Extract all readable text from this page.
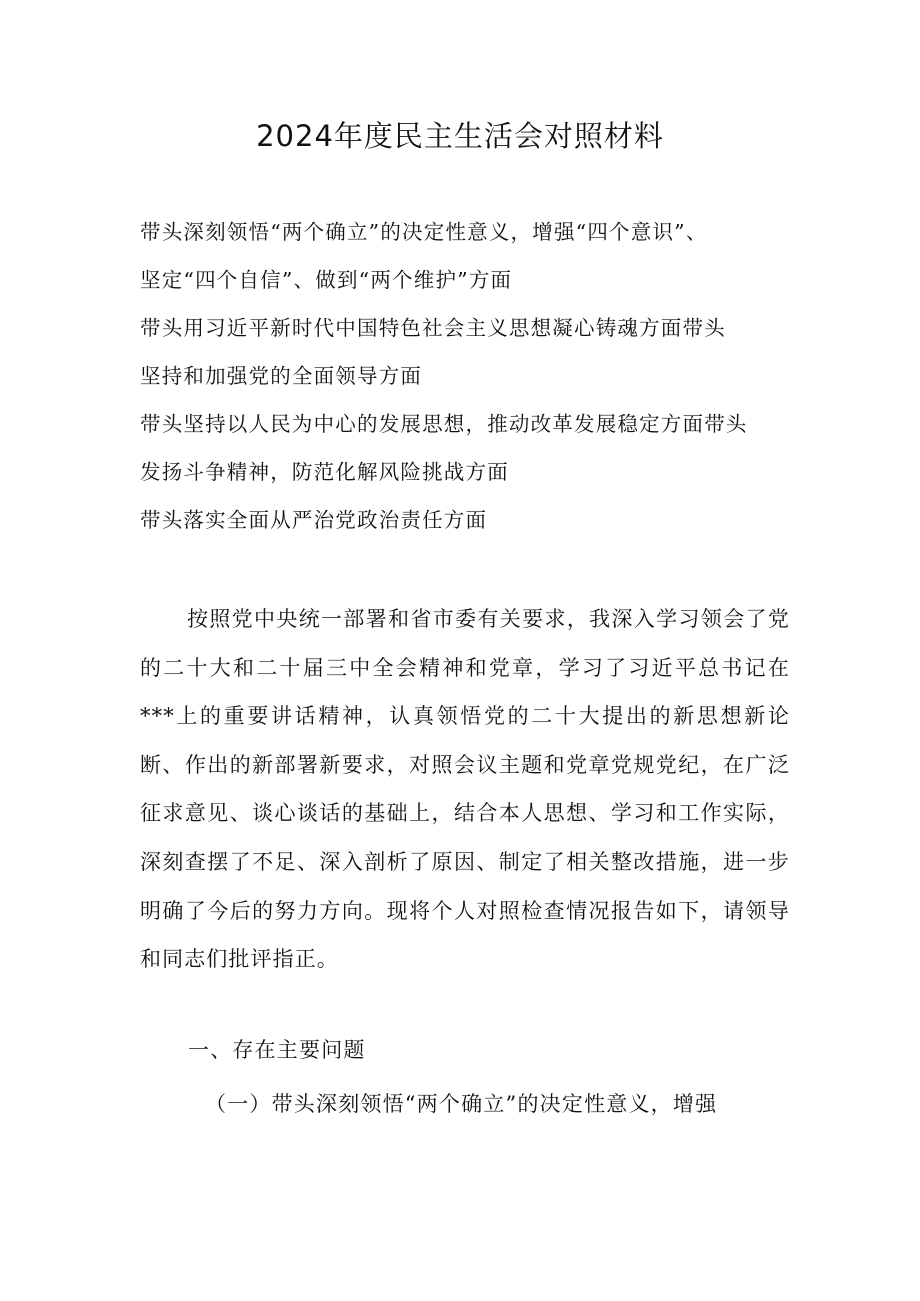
2024年度民主生活会对照材料
带头深刻领悟“两个确立”的决定性意义，增强“四个意识”、
坚定“四个自信”、做到“两个维护”方面
带头用习近平新时代中国特色社会主义思想凝心铸魂方面带头
坚持和加强党的全面领导方面
带头坚持以人民为中心的发展思想，推动改革发展稳定方面带头
发扬斗争精神，防范化解风险挑战方面
带头落实全面从严治党政治责任方面

按照党中央统一部署和省市委有关要求，我深入学习领会了党的二十大和二十届三中全会精神和党章，学习了习近平总书记在***上的重要讲话精神，认真领悟党的二十大提出的新思想新论断、作出的新部署新要求，对照会议主题和党章党规党纪，在广泛征求意见、谈心谈话的基础上，结合本人思想、学习和工作实际，深刻查摆了不足、深入剖析了原因、制定了相关整改措施，进一步明确了今后的努力方向。现将个人对照检查情况报告如下，请领导和同志们批评指正。

一、存在主要问题
（一）带头深刻领悟“两个确立”的决定性意义，增强
